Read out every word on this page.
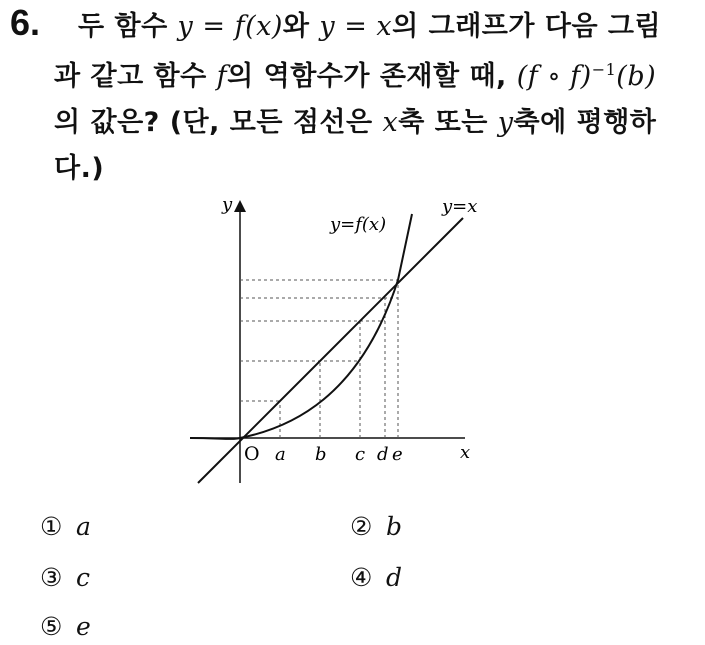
6. 두 함수 y = f(x)와 y = x의 그래프가 다음 그림
과 같고 함수 f의 역함수가 존재할 때, (f ∘ f)$^{-1}$(b)
의 값은? (단, 모든 점선은 x축 또는 y축에 평행하
다.)
y
x
O
y=f(x)
y=x
a b c d e
① a	② b
③ c	④ d
⑤ e
